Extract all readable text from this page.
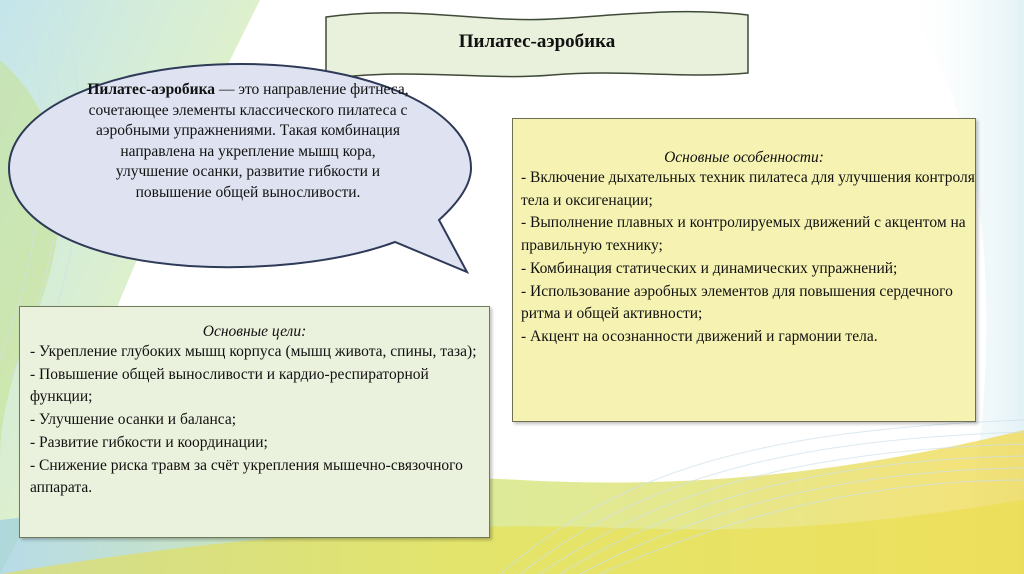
Пилатес-аэробика
Пилатес-аэробика — это направление фитнеса, сочетающее элементы классического пилатеса с аэробными упражнениями. Такая комбинация направлена на укрепление мышц кора, улучшение осанки, развитие гибкости и повышение общей выносливости.

Основные особенности:

- Включение дыхательных техник пилатеса для улучшения контроля тела и оксигенации;
- Выполнение плавных и контролируемых движений с акцентом на правильную технику;
- Комбинация статических и динамических упражнений;
- Использование аэробных элементов для повышения сердечного ритма и общей активности;
- Акцент на осознанности движений и гармонии тела.

Основные цели:

- Укрепление глубоких мышц корпуса (мышц живота, спины, таза);
- Повышение общей выносливости и кардио-респираторной функции;
- Улучшение осанки и баланса;
- Развитие гибкости и координации;
- Снижение риска травм за счёт укрепления мышечно-связочного аппарата.
